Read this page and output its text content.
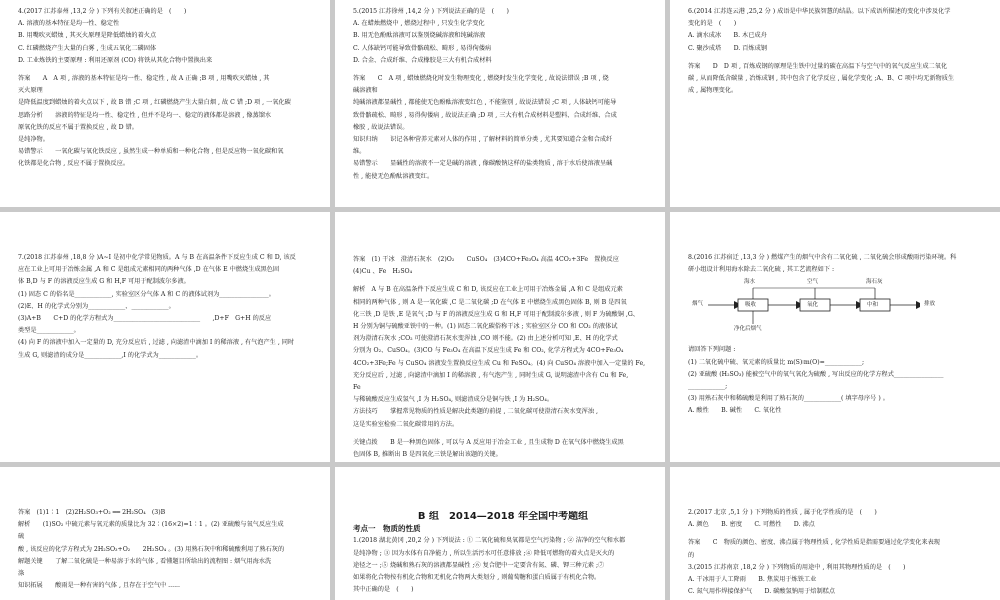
4.(2017 江苏泰州 ,13,2 分 ) 下列有关叙述正确的是　(　　)
A. 溶液的基本特征是均一性、稳定性
B. 用嘴吹灭蜡烛 , 其灭火原理是降低蜡烛的着火点
C. 红磷燃烧产生大量的白雾 , 生成五氧化二磷固体
D. 工业炼铁的主要原理 : 利用还原剂 (CO) 将铁从其化合物中置换出来
答案　　A　A 项 , 溶液的基本特征是均一性、稳定性 , 故 A 正确 ;B 项 , 用嘴吹灭蜡烛 , 其
灭火原理
是降低温度到蜡烛的着火点以下 , 故 B 错 ;C 项 , 红磷燃烧产生大量白烟 , 故 C 错 ;D 项 , 一氧化碳
思路分析　　溶液的特征是均一性、稳定性 , 但并不是均一、稳定的液体都是溶液 , 像蒸馏水
原氧化铁的反应不属于置换反应 , 故 D 错。
是纯净物。
易错警示　　一氧化碳与氧化铁反应 , 虽然生成一种单质和一种化合物 , 但是反应物一氧化碳和氧
化铁都是化合物 , 反应不属于置换反应。
5.(2015 江苏徐州 ,14,2 分 ) 下列说法正确的是　(　　)
A. 在蜡烛燃烧中 , 燃烧过程中 , 只发生化学变化
B. 用无色酚酞溶液可以鉴别烧碱溶液和纯碱溶液
C. 人体缺钙可能导致骨骼疏松、畸形 , 易得佝偻病
D. 合金、合成纤维、合成橡胶是三大有机合成材料
答案　　C　A 项 , 蜡烛燃烧化时发生物理变化 , 燃烧时发生化学变化 , 故说法错误 ;B 项 , 烧
碱溶液和
纯碱溶液都显碱性 , 都能使无色酚酞溶液变红色 , 不能鉴别 , 故说法错误 ;C 项 , 人体缺钙可能导
致骨骼疏松、畸形 , 易得佝偻病 , 故说法正确 ;D 项 , 三大有机合成材料是塑料、合成纤维、合成
橡胶 , 故说法错误。
知识归纳　　识记各种营养元素对人体的作用 , 了解材料的简单分类 , 尤其要知道合金和合成纤
维。
易错警示　　显碱性的溶液不一定是碱的溶液 , 像碳酸钠这样的盐类物质 , 溶于水后使溶液呈碱
性 , 能使无色酚酞溶液变红。
6.(2014 江苏连云港 ,25,2 分 ) 成语是中华民族智慧的结晶。以下成语所描述的变化中涉及化学
变化的是　(　　)
A. 滴水成冰　　B. 木已成舟
C. 聚沙成塔　　D. 百炼成钢
答案　　D　D 项 , 百炼成钢的原理是生铁中过量的碳在高温下与空气中的氧气反应生成二氧化
碳 , 从而降低含碳量 , 冶炼成钢 , 其中包含了化学反应 , 属化学变化 ;A、B、C 项中均无新物质生
成 , 属物理变化。
7.(2018 江苏泰州 ,18,8 分 )A~I 是初中化学常见物质。A 与 B 在高温条件下反应生成 C 和 D, 该反
应在工业上可用于冶炼金属 ,A 和 C 是组成元素相同的两种气体 ,D 在气体 E 中燃烧生成黑色固
体 B,D 与 F 的溶液反应生成 G 和 H,F 可用于配制波尔多液。
(1) 固态 C 的俗名是____________, 实验室区分气体 A 和 C 的液体试剂为________________。
(2)E、H 的化学式分别为____________、____________。
(3)A+B　　C+D 的化学方程式为____________________________　　,D+F　G+H 的反应
类型是____________。
(4) 向 F 的溶液中加入一定量的 D, 充分反应后 , 过滤 , 向滤渣中滴加 I 的稀溶液 , 有气泡产生 , 同时
生成 G, 则滤渣的成分是____________,I 的化学式为____________。
答案　(1) 干冰　澄清石灰水　(2)O₂　　CuSO₄　(3)4CO+Fe₃O₄ 高温 4CO₂+3Fe　置换反应
(4)Cu 、Fe　H₂SO₄
解析　A 与 B 在高温条件下反应生成 C 和 D, 该反应在工业上可用于冶炼金属 ,A 和 C 是组成元素
相同的两种气体 , 则 A 是一氧化碳 ,C 是二氧化碳 ;D 在气体 E 中燃烧生成黑色固体 B, 则 B 是四氧
化三铁 ,D 是铁 ,E 是氧气 ;D 与 F 的溶液反应生成 G 和 H,F 可用于配制波尔多液 , 则 F 为硫酸铜 ,G、
H 分别为铜与硫酸亚铁中的一种。(1) 固态二氧化碳俗称干冰 ; 实验室区分 CO 和 CO₂ 的液体试
剂为澄清石灰水 ;CO₂ 可使澄清石灰水变浑浊 ,CO 则不能。(2) 由上述分析可知 ,E、H 的化学式
分别为 O₂、CuSO₄。(3)CO 与 Fe₃O₄ 在高温下反应生成 Fe 和 CO₂, 化学方程式为 4CO+Fe₃O₄
4CO₂+3Fe;Fe 与 CuSO₄ 溶液发生置换反应生成 Cu 和 FeSO₄。(4) 向 CuSO₄ 溶液中加入一定量的 Fe,
充分反应后 , 过滤 , 向滤渣中滴加 I 的稀溶液 , 有气泡产生 , 同时生成 G, 说明滤渣中含有 Cu 和 Fe,
Fe
与稀硫酸反应生成氢气 ,I 为 H₂SO₄, 则滤渣成分是铜与铁 ,I 为 H₂SO₄。
方法技巧　　掌握常见物质的性质是解决此类题的前提 , 二氧化碳可使澄清石灰水变浑浊 ,
这是实验室检验二氧化碳常用的方法。
关键点拨　　B 是一种黑色固体 , 可以与 A 反应用于冶金工业 , 且生成物 D 在氧气体中燃烧生成黑
色固体 B, 推断出 B 是四氧化三铁是解出该题的关键。
8.(2016 江苏宿迁 ,13,3 分 ) 燃煤产生的烟气中含有二氧化硫 , 二氧化硫会形成酸雨污染环境。科
研小组设计利用海水除去二氧化硫 , 其工艺流程如下 :
海水	空气	海石灰
烟气	吸收	氧化	中和	排放
净化后烟气
请回答下列问题 :
(1) 二氧化硫中硫、氧元素的质量比 m(S)∶m(O)=____________;
(2) 亚硫酸 (H₂SO₃) 能被空气中的氧气氧化为硫酸 , 写出反应的化学方程式________________
____________;
(3) 用熟石灰中和稀硫酸是利用了熟石灰的____________( 填字母序号 ) 。
A. 酸性　　B. 碱性　　C. 氧化性
答案　(1)1∶1　(2)2H₂SO₃+O₂ ══ 2H₂SO₄　(3)B
解析　　(1)SO₂ 中硫元素与氧元素的质量比为 32∶(16×2)=1∶1 。(2) 亚硫酸与氧气反应生成
硫
酸 , 该反应的化学方程式为 2H₂SO₃+O₂　　2H₂SO₄ 。(3) 用熟石灰中和稀硫酸利用了熟石灰的
解题关键　　了解二氧化硫是一种易溶于水的气体 , 看懂题目所给出的流程图 : 烟气用海水洗
涤
知识拓展　　酸雨是一种有害的气体 , 且存在于空气中 ......
B 组　2014—2018 年全国中考题组
考点一　物质的性质
1.(2018 湖北黄冈 ,20,2 分 ) 下列说法 : ① 二氧化硫和臭氧都是空气污染物 ; ② 洁净的空气和水都
是纯净物 ; ③ 因为水体有自净能力 , 所以生活污水可任意排放 ;④ 降低可燃物的着火点是灭火的
途径之一 ;⑤ 烧碱和熟石灰的溶液都显碱性 ;⑥ 复合肥中一定要含有氮、磷、钾三种元素 ;⑦
如果将化合物按有机化合物和无机化合物两大类划分 , 则葡萄糖和蛋白质属于有机化合物。
其中正确的是　(　　)
2.(2017 北京 ,5,1 分 ) 下列物质的性质 , 属于化学性质的是　(　　)
A. 颜色　　B. 密度　　C. 可燃性　　D. 沸点
答案　　C　物质的颜色、密度、沸点属于物理性质 , 化学性质是指需要通过化学变化来表现
的
3.(2015 江苏南京 ,18,2 分 ) 下列物质的用途中 , 利用其物理性质的是　(　　)
A. 干冰用于人工降雨　　B. 焦炭用于炼铁工业
C. 氮气用作焊接保护气　　D. 碳酸氢钠用于焙制糕点
